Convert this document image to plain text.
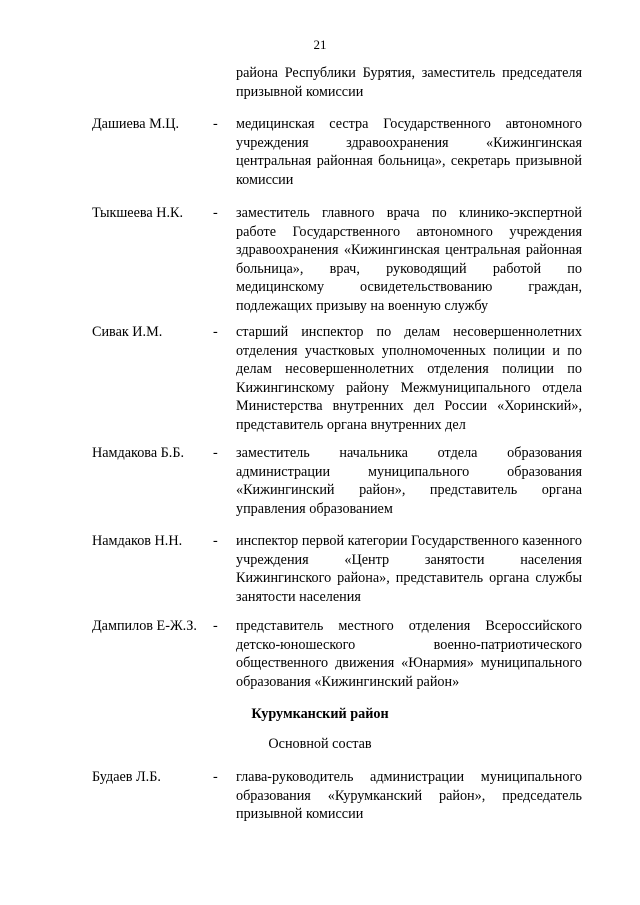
21
района Республики Бурятия, заместитель председателя призывной комиссии
Дашиева М.Ц. - медицинская сестра Государственного автономного учреждения здравоохранения «Кижингинская центральная районная больница», секретарь призывной комиссии
Тыкшеева Н.К. - заместитель главного врача по клинико-экспертной работе Государственного автономного учреждения здравоохранения «Кижингинская центральная районная больница», врач, руководящий работой по медицинскому освидетельствованию граждан, подлежащих призыву на военную службу
Сивак И.М.	- старший инспектор по делам несовершеннолетних отделения участковых уполномоченных полиции и по делам несовершеннолетних отделения полиции по Кижингинскому району Межмуниципального отдела Министерства внутренних дел России «Хоринский», представитель органа внутренних дел
Намдакова Б.Б. - заместитель начальника отдела образования администрации муниципального образования «Кижингинский район», представитель органа управления образованием
Намдаков Н.Н. - инспектор первой категории Государственного казенного учреждения «Центр занятости населения Кижингинского района», представитель органа службы занятости населения
Дампилов Е-Ж.З. - представитель местного отделения Всероссийского детско-юношеского военно-патриотического общественного движения «Юнармия» муниципального образования «Кижингинский район»
Курумканский район
Основной состав
Будаев Л.Б.	- глава-руководитель администрации муниципального образования «Курумканский район», председатель призывной комиссии
